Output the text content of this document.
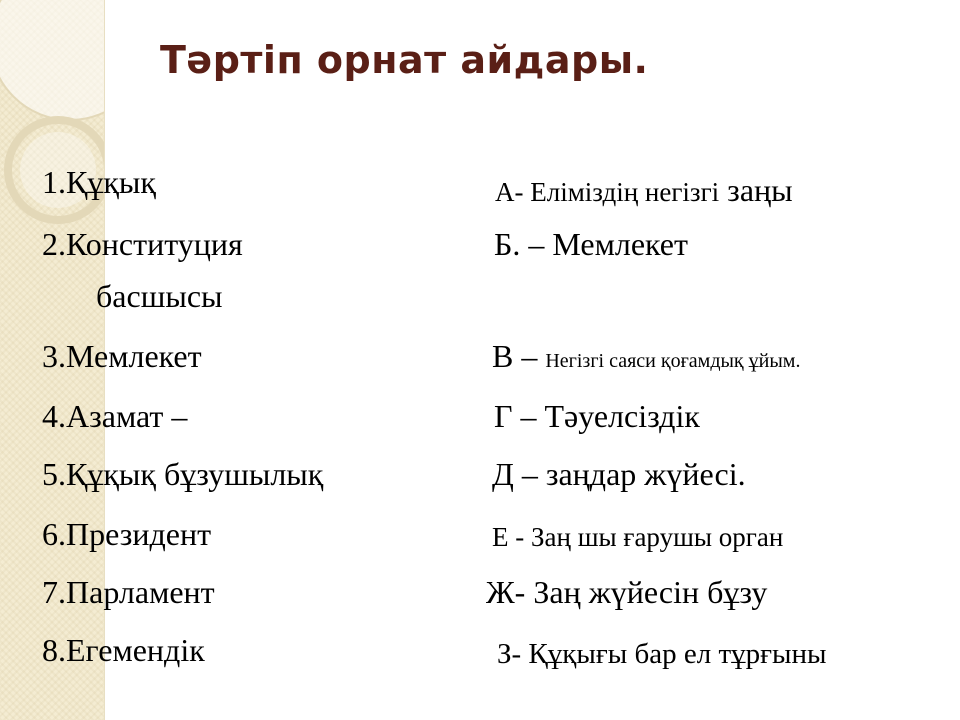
Тәртіп орнат айдары.
1.Құқық
2.Конституция
басшысы
3.Мемлекет
4.Азамат –
5.Құқық бұзушылық
6.Президент
7.Парламент
8.Егемендік
А- Еліміздің негізгі заңы
Б. – Мемлекет
В – Негізгі саяси қоғамдық ұйым.
Г – Тәуелсіздік
Д – заңдар жүйесі.
Е - Заң шы ғарушы орган
Ж- Заң жүйесін бұзу
З- Құқығы бар ел тұрғыны
